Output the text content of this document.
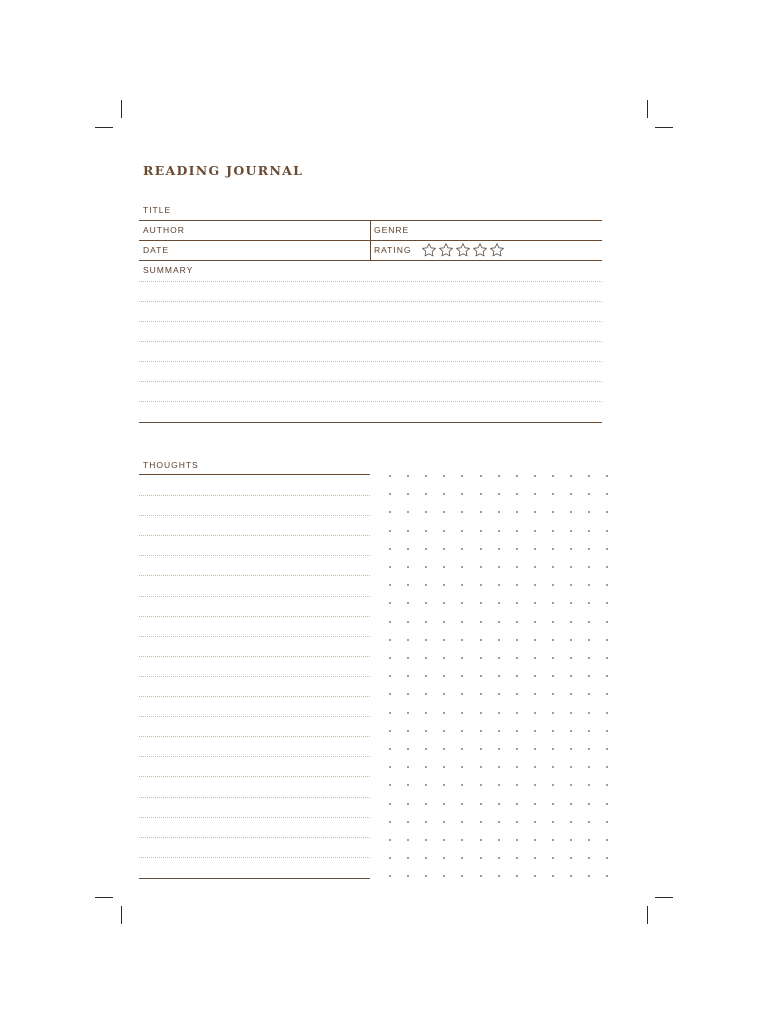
READING JOURNAL
TITLE
AUTHOR	GENRE
DATE	RATING
SUMMARY
THOUGHTS
